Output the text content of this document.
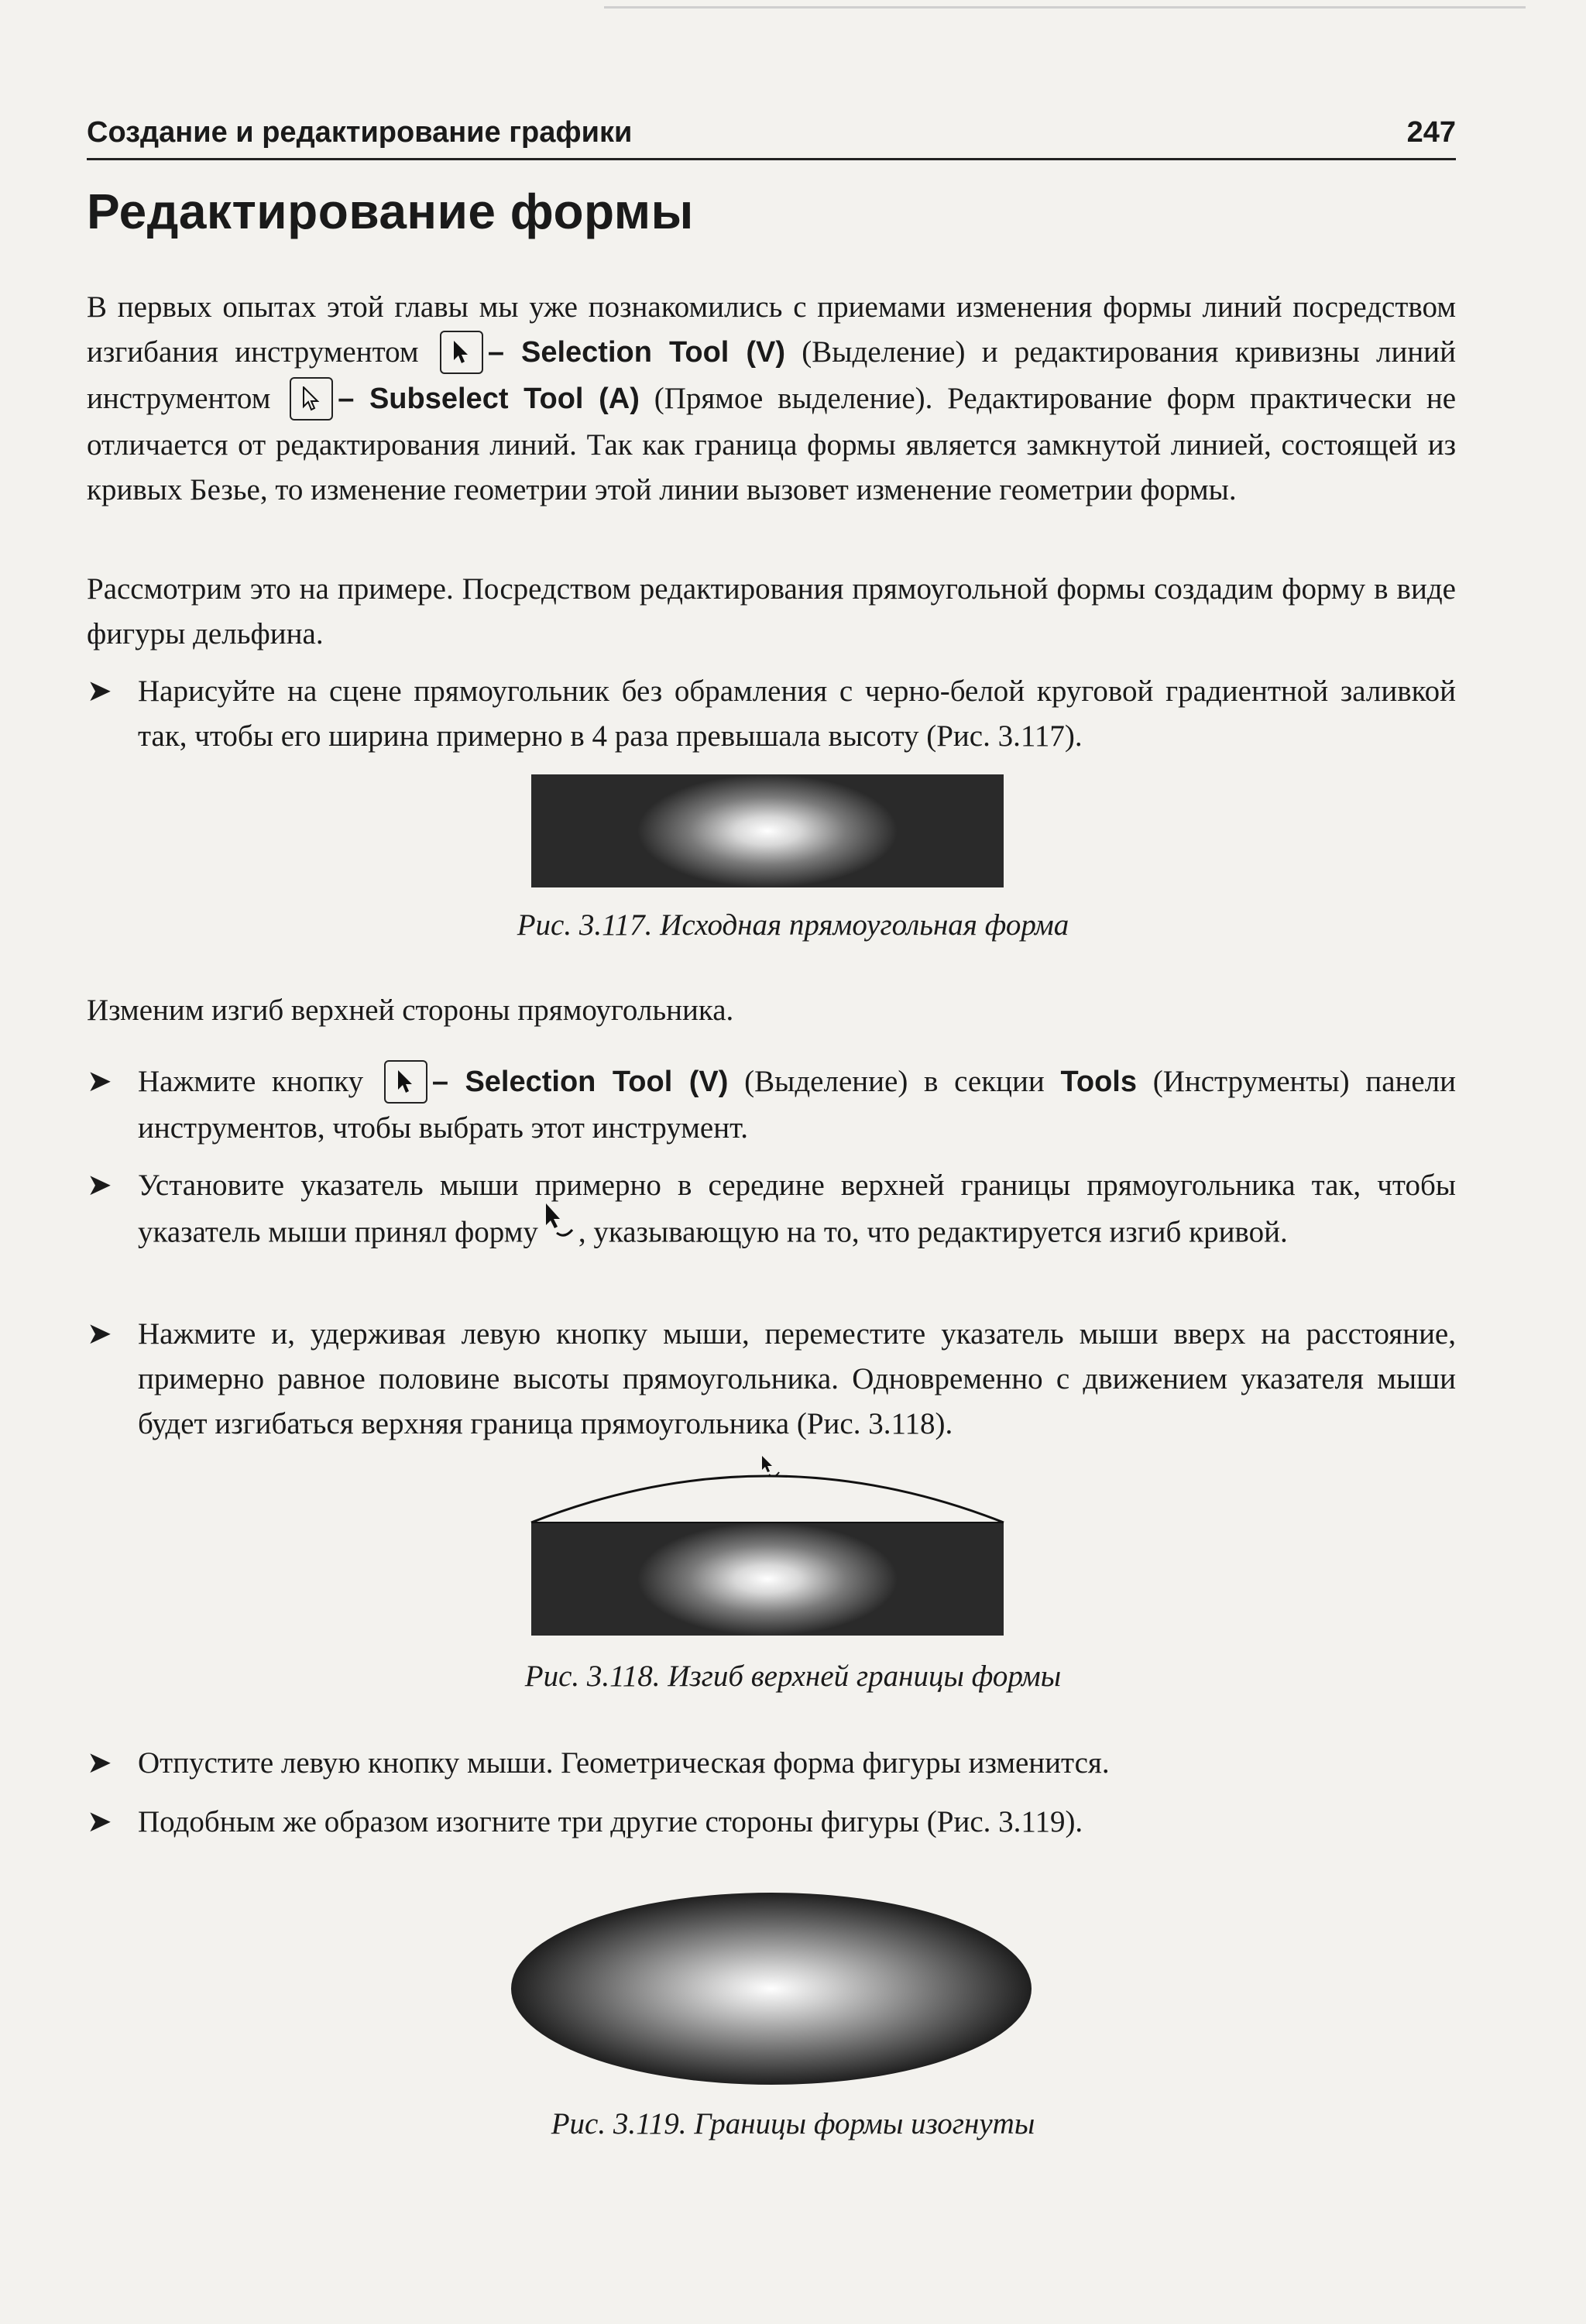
Создание и редактирование графики	247
Редактирование формы
В первых опытах этой главы мы уже познакомились с приемами изменения формы линий посредством изгибания инструментом – Selection Tool (V) (Выделение) и редактирования кривизны линий инструментом – Subselect Tool (A) (Прямое выделение). Редактирование форм практически не отличается от редактирования линий. Так как граница формы является замкнутой линией, состоящей из кривых Безье, то изменение геометрии этой линии вызовет изменение геометрии формы.
Рассмотрим это на примере. Посредством редактирования прямоугольной формы создадим форму в виде фигуры дельфина.
➤ Нарисуйте на сцене прямоугольник без обрамления с черно-белой круговой градиентной заливкой так, чтобы его ширина примерно в 4 раза превышала высоту (Рис. 3.117).
Рис. 3.117. Исходная прямоугольная форма
Изменим изгиб верхней стороны прямоугольника.
➤ Нажмите кнопку – Selection Tool (V) (Выделение) в секции Tools (Инструменты) панели инструментов, чтобы выбрать этот инструмент.
➤ Установите указатель мыши примерно в середине верхней границы прямоугольника так, чтобы указатель мыши принял форму , указывающую на то, что редактируется изгиб кривой.
➤ Нажмите и, удерживая левую кнопку мыши, переместите указатель мыши вверх на расстояние, примерно равное половине высоты прямоугольника. Одновременно с движением указателя мыши будет изгибаться верхняя граница прямоугольника (Рис. 3.118).
Рис. 3.118. Изгиб верхней границы формы
➤ Отпустите левую кнопку мыши. Геометрическая форма фигуры изменится.
➤ Подобным же образом изогните три другие стороны фигуры (Рис. 3.119).
Рис. 3.119. Границы формы изогнуты
